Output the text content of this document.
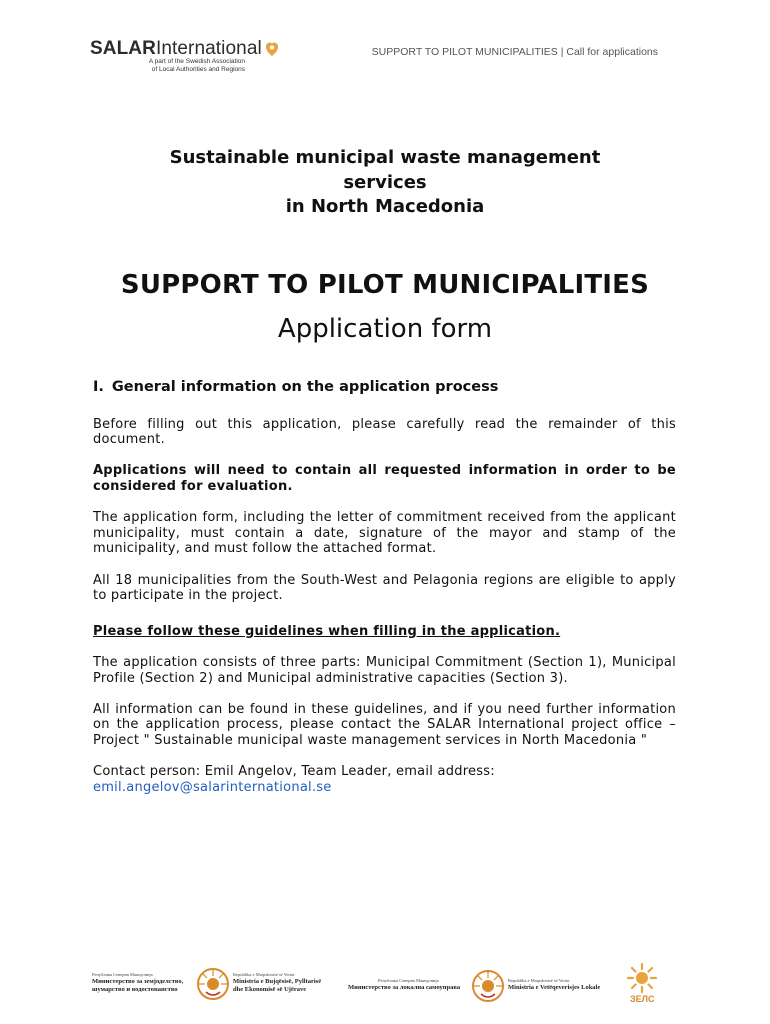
SALAR International
A part of the Swedish Association
of Local Authorities and Regions
SUPPORT TO PILOT MUNICIPALITIES | Call for applications
Sustainable municipal waste management
services
in North Macedonia
SUPPORT TO PILOT MUNICIPALITIES
Application form
I. General information on the application process

Before filling out this application, please carefully read the remainder of this document.

Applications will need to contain all requested information in order to be considered for evaluation.

The application form, including the letter of commitment received from the applicant municipality, must contain a date, signature of the mayor and stamp of the municipality, and must follow the attached format.

All 18 municipalities from the South-West and Pelagonia regions are eligible to apply to participate in the project.

Please follow these guidelines when filling in the application.

The application consists of three parts: Municipal Commitment (Section 1), Municipal Profile (Section 2) and Municipal administrative capacities (Section 3).

All information can be found in these guidelines, and if you need further information on the application process, please contact the SALAR International project office – Project " Sustainable municipal waste management services in North Macedonia "

Contact person: Emil Angelov, Team Leader, email address:

emil.angelov@salarinternational.se

Република Северна Македонија
Министерство за земјоделство,
шумарство и водостопанство
Republika e Maqedonisë së Veriut
Ministria e Bujqësisë, Pylltarisë
dhe Ekonomisë së Ujërave
Република Северна Македонија
Министерство за локална самоуправа
Republika e Maqedonisë së Veriut
Ministria e Vetëqeverisjes Lokale
ЗЕЛС
